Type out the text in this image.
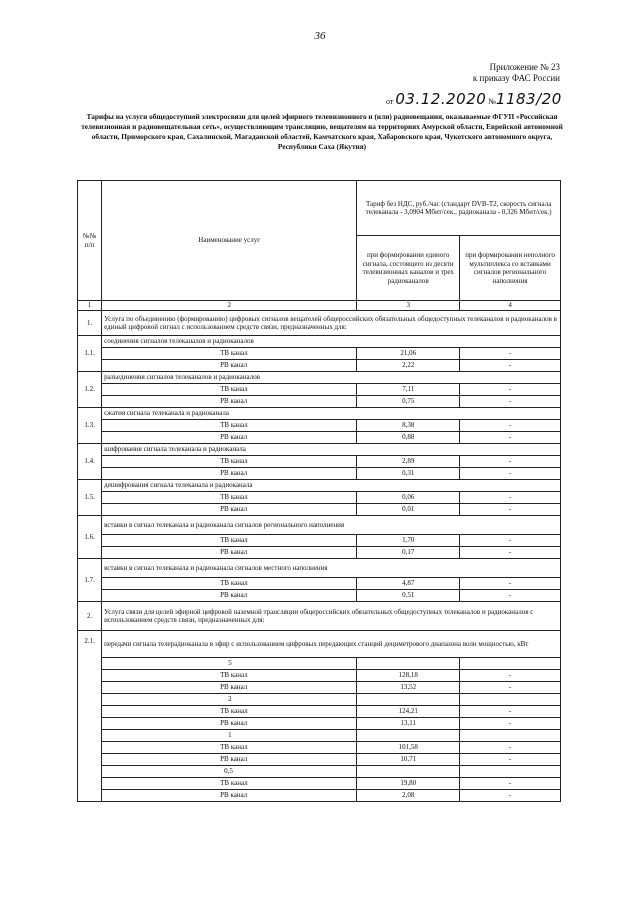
36
Приложение № 23
к приказу ФАС России
от 03.12.2020 №1183/20
Тарифы на услуги общедоступной электросвязи для целей эфирного телевизионного и (или) радиовещания, оказываемые ФГУП «Российская телевизионная и радиовещательная сеть», осуществляющим трансляцию, вещателям на территориях Амурской области, Еврейской автономной области, Приморского края, Сахалинской, Магаданской областей, Камчатского края, Хабаровского края, Чукотского автономного округа, Республики Саха (Якутия)
№№ п/п	Наименование услуг	Тариф без НДС, руб./час (стандарт DVB-T2, скорость сигнала телеканала - 3,0904 Мбит/сек., радиоканала - 0,326 Мбит/сек.)	
		при формировании единого сигнала, состоящего из десяти телевизионных каналов и трех радиоканалов	при формировании неполного мультиплекса со вставками сигналов регионального наполнения
1	2	3	4
1.	Услуга по объединению (формированию) цифровых сигналов вещателей общероссийских обязательных общедоступных телеканалов и радиоканалов в единый цифровой сигнал с использованием средств связи, предназначенных для:		
1.1.	соединения сигналов телеканалов и радиоканалов		
	ТВ канал	21,06	-
	РВ канал	2,22	-
1.2.	разъединения сигналов телеканалов и радиоканалов		
	ТВ канал	7,11	-
	РВ канал	0,75	-
1.3.	сжатия сигнала телеканала и радиоканала		
	ТВ канал	8,38	-
	РВ канал	0,88	-
1.4.	шифрования сигнала телеканала и радиоканала		
	ТВ канал	2,89	-
	РВ канал	0,31	-
1.5.	дешифрования сигнала телеканала и радиоканала		
	ТВ канал	0,06	-
	РВ канал	0,01	-
1.6.	вставки в сигнал телеканала и радиоканала сигналов регионального наполнения		
	ТВ канал	1,70	-
	РВ канал	0,17	-
1.7.	вставки в сигнал телеканала и радиоканала сигналов местного наполнения		
	ТВ канал	4,87	-
	РВ канал	0,51	-
2.	Услуга связи для целей эфирной цифровой наземной трансляции общероссийских обязательных общедоступных телеканалов и радиоканалов с использованием средств связи, предназначенных для:		
2.1.	передачи сигнала телерадиоканала в эфир с использованием цифровых передающих станций дециметрового диапазона волн мощностью, кВт		
	5		
	ТВ канал	128,18	-
	РВ канал	13,52	-
	2		
	ТВ канал	124,21	-
	РВ канал	13,11	-
	1		
	ТВ канал	101,58	-
	РВ канал	10,71	-
	0,5		
	ТВ канал	19,80	-
	РВ канал	2,08	-
